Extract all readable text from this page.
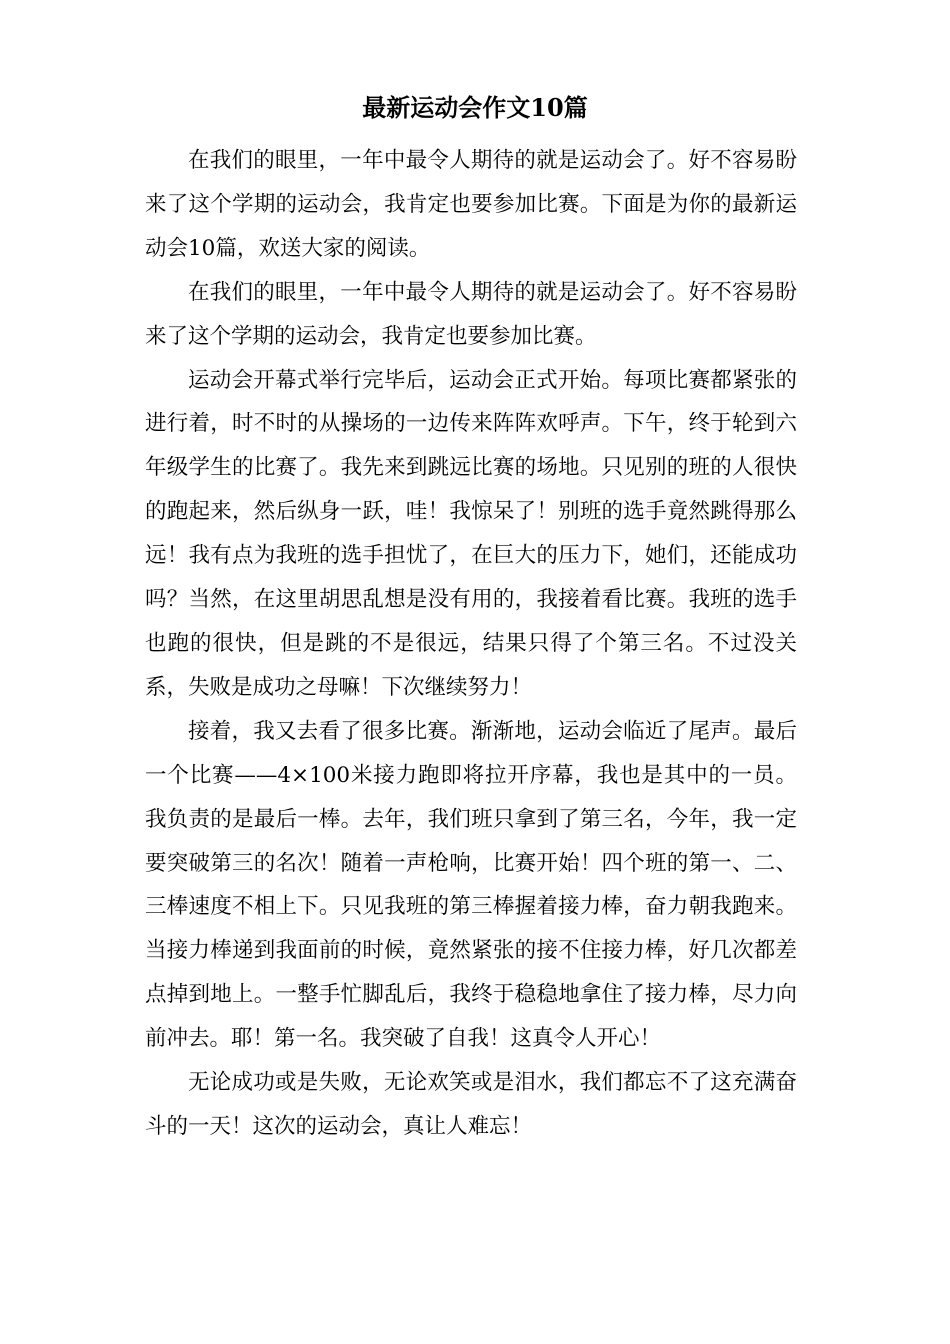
最新运动会作文10篇

在我们的眼里，一年中最令人期待的就是运动会了。好不容易盼来了这个学期的运动会，我肯定也要参加比赛。下面是为你的最新运动会10篇，欢送大家的阅读。

在我们的眼里，一年中最令人期待的就是运动会了。好不容易盼来了这个学期的运动会，我肯定也要参加比赛。

运动会开幕式举行完毕后，运动会正式开始。每项比赛都紧张的进行着，时不时的从操场的一边传来阵阵欢呼声。下午，终于轮到六年级学生的比赛了。我先来到跳远比赛的场地。只见别的班的人很快的跑起来，然后纵身一跃，哇！我惊呆了！别班的选手竟然跳得那么远！我有点为我班的选手担忧了，在巨大的压力下，她们，还能成功吗？当然，在这里胡思乱想是没有用的，我接着看比赛。我班的选手也跑的很快，但是跳的不是很远，结果只得了个第三名。不过没关系，失败是成功之母嘛！下次继续努力！

接着，我又去看了很多比赛。渐渐地，运动会临近了尾声。最后一个比赛——4×100米接力跑即将拉开序幕，我也是其中的一员。我负责的是最后一棒。去年，我们班只拿到了第三名，今年，我一定要突破第三的名次！随着一声枪响，比赛开始！四个班的第一、二、三棒速度不相上下。只见我班的第三棒握着接力棒，奋力朝我跑来。当接力棒递到我面前的时候，竟然紧张的接不住接力棒，好几次都差点掉到地上。一整手忙脚乱后，我终于稳稳地拿住了接力棒，尽力向前冲去。耶！第一名。我突破了自我！这真令人开心！

无论成功或是失败，无论欢笑或是泪水，我们都忘不了这充满奋斗的一天！这次的运动会，真让人难忘！
